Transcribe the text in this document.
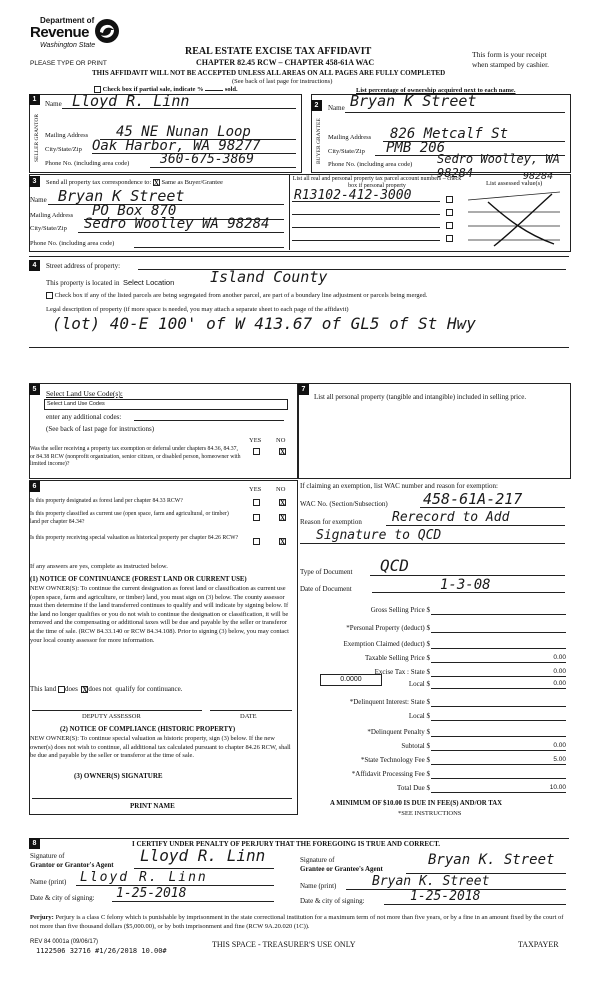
Department of
Revenue
Washington State
PLEASE TYPE OR PRINT
REAL ESTATE EXCISE TAX AFFIDAVIT
CHAPTER 82.45 RCW – CHAPTER 458-61A WAC
This form is your receipt
when stamped by cashier.
THIS AFFIDAVIT WILL NOT BE ACCEPTED UNLESS ALL AREAS ON ALL PAGES ARE FULLY COMPLETED
(See back of last page for instructions)
Check box if partial sale, indicate %	sold.	List percentage of ownership acquired next to each name.
1
SELLER GRANTOR
Name Lloyd R. Linn
Mailing Address 45 NE Nunan Loop
City/State/Zip Oak Harbor, WA 98277
Phone No. (including area code) 360-675-3869
2
BUYER GRANTEE
Name Bryan K Street
Mailing Address 826 Metcalf St
City/State/Zip PMB 206
Phone No. (including area code) Sedro Woolley, WA 98284
3	Send all property tax correspondence to: X Same as Buyer/Grantee
Name Bryan K Street
Mailing Address PO Box 870
City/State/Zip Sedro Woolley WA 98284
Phone No. (including area code)
List all real and personal property tax parcel account numbers – check box if personal property	List assessed value(s)
R13102-412-3000
98284
4	Street address of property:
This property is located in Select Location Island County
Check box if any of the listed parcels are being segregated from another parcel, are part of a boundary line adjustment or parcels being merged.
Legal description of property (if more space is needed, you may attach a separate sheet to each page of the affidavit)
(lot) 40-E 100' of W 413.67 of GL5 of St Hwy
5	Select Land Use Code(s):
Select Land Use Codes
enter any additional codes:
(See back of last page for instructions)
YES NO
Was the seller receiving a property tax exemption or deferral under chapters 84.36, 84.37, or 84.38 RCW (nonprofit organization, senior citizen, or disabled person, homeowner with limited income)?
X
6	YES NO
Is this property designated as forest land per chapter 84.33 RCW?	X
Is this property classified as current use (open space, farm and agricultural, or timber) land per chapter 84.34?	X
Is this property receiving special valuation as historical property per chapter 84.26 RCW?	X
If any answers are yes, complete as instructed below.
(1) NOTICE OF CONTINUANCE (FOREST LAND OR CURRENT USE)
NEW OWNER(S): To continue the current designation as forest land or classification as current use (open space, farm and agriculture, or timber) land, you must sign on (3) below. The county assessor must then determine if the land transferred continues to qualify and will indicate by signing below. If the land no longer qualifies or you do not wish to continue the designation or classification, it will be removed and the compensating or additional taxes will be due and payable by the seller or transferor at the time of sale. (RCW 84.33.140 or RCW 84.34.108). Prior to signing (3) below, you may contact your local county assessor for more information.
This land does Xdoes not qualify for continuance.
DEPUTY ASSESSOR	DATE
(2) NOTICE OF COMPLIANCE (HISTORIC PROPERTY)
NEW OWNER(S): To continue special valuation as historic property, sign (3) below. If the new owner(s) does not wish to continue, all additional tax calculated pursuant to chapter 84.26 RCW, shall be due and payable by the seller or transferor at the time of sale.
(3) OWNER(S) SIGNATURE
PRINT NAME
7
List all personal property (tangible and intangible) included in selling price.
If claiming an exemption, list WAC number and reason for exemption:
WAC No. (Section/Subsection) 458-61A-217
Reason for exemption Rerecord to Add
Signature to QCD
Type of Document QCD
Date of Document	1-3-08
Gross Selling Price $
*Personal Property (deduct) $
Exemption Claimed (deduct) $
Taxable Selling Price $	0.00
Excise Tax : State $	0.00
Local $	0.00
*Delinquent Interest: State $
Local $
*Delinquent Penalty $
Subtotal $	0.00
*State Technology Fee $	5.00
*Affidavit Processing Fee $
Total Due $	10.00
0.0000
A MINIMUM OF $10.00 IS DUE IN FEE(S) AND/OR TAX
*SEE INSTRUCTIONS
8	I CERTIFY UNDER PENALTY OF PERJURY THAT THE FOREGOING IS TRUE AND CORRECT.
Signature of
Grantor or Grantor's Agent Lloyd R. Linn
Name (print) Lloyd R. Linn
Date & city of signing: 1-25-2018
Signature of
Grantee or Grantee's Agent
Bryan K. Street
Name (print)	Bryan K. Street
Date & city of signing:	1-25-2018
Perjury: Perjury is a class C felony which is punishable by imprisonment in the state correctional institution for a maximum term of not more than five years, or by a fine in an amount fixed by the court of not more than five thousand dollars ($5,000.00), or by both imprisonment and fine (RCW 9A.20.020 (1C)).
REV 84 0001a (09/06/17)
1122506 32716 #1/26/2018 10.00#
THIS SPACE - TREASURER'S USE ONLY	TAXPAYER
